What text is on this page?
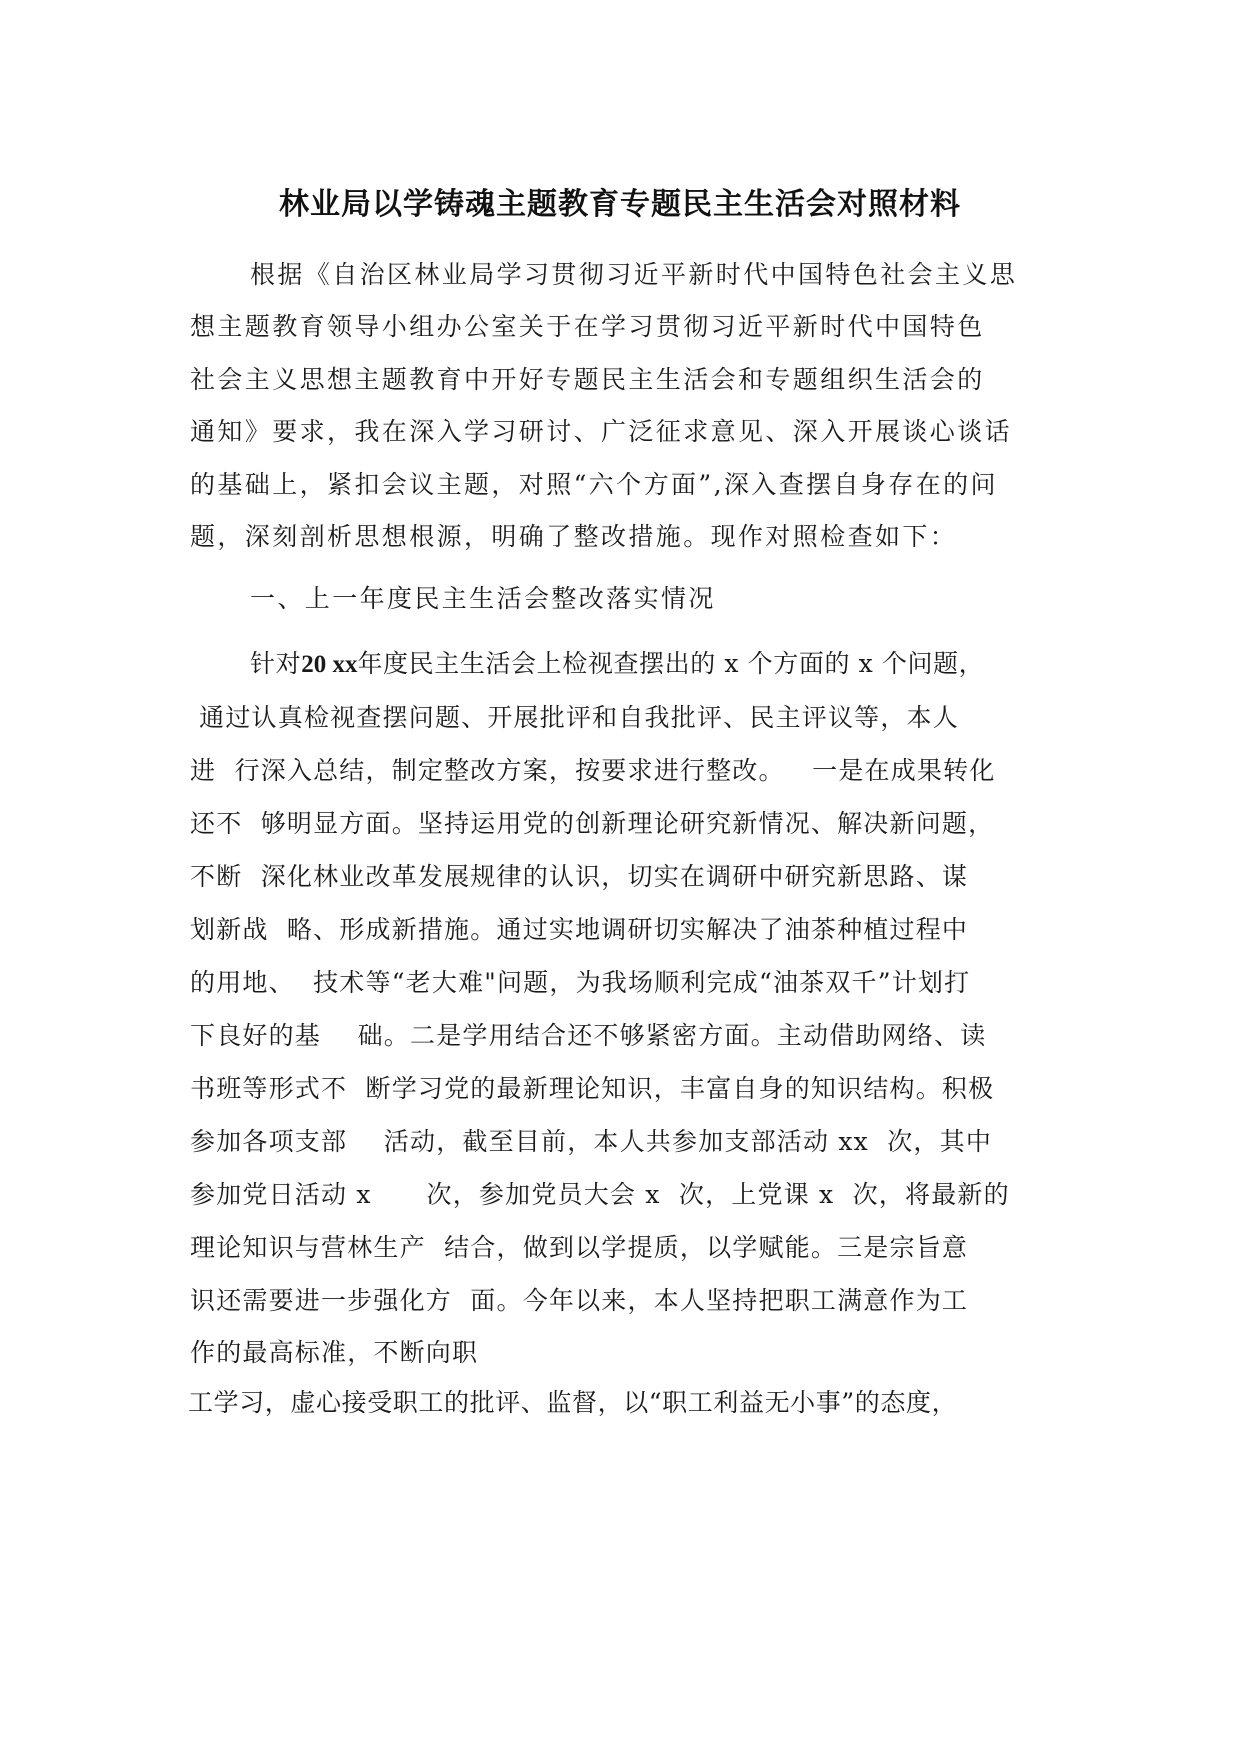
林业局以学铸魂主题教育专题民主生活会对照材料
根据《自治区林业局学习贯彻习近平新时代中国特色社会主义思
想主题教育领导小组办公室关于在学习贯彻习近平新时代中国特色
社会主义思想主题教育中开好专题民主生活会和专题组织生活会的
通知》要求，我在深入学习研讨、广泛征求意见、深入开展谈心谈话
的基础上，紧扣会议主题，对照“六个方面”,深入查摆自身存在的问
题，深刻剖析思想根源，明确了整改措施。现作对照检查如下：
一、上一年度民主生活会整改落实情况
针对20 xx年度民主生活会上检视查摆出的 x 个方面的 x 个问题，
通过认真检视查摆问题、开展批评和自我批评、民主评议等，本人
进  行深入总结，制定整改方案，按要求进行整改。   一是在成果转化
还不  够明显方面。坚持运用党的创新理论研究新情况、解决新问题，
不断  深化林业改革发展规律的认识，切实在调研中研究新思路、谋
划新战  略、形成新措施。通过实地调研切实解决了油茶种植过程中
的用地、  技术等“老大难"问题，为我场顺利完成“油茶双千”计划打
下良好的基    础。二是学用结合还不够紧密方面。主动借助网络、读
书班等形式不  断学习党的最新理论知识，丰富自身的知识结构。积极
参加各项支部    活动，截至目前，本人共参加支部活动 xx  次，其中
参加党日活动 x      次，参加党员大会 x  次，上党课 x  次，将最新的
理论知识与营林生产  结合，做到以学提质，以学赋能。三是宗旨意
识还需要进一步强化方  面。今年以来，本人坚持把职工满意作为工
作的最高标准，不断向职
工学习，虚心接受职工的批评、监督，以“职工利益无小事”的态度，
